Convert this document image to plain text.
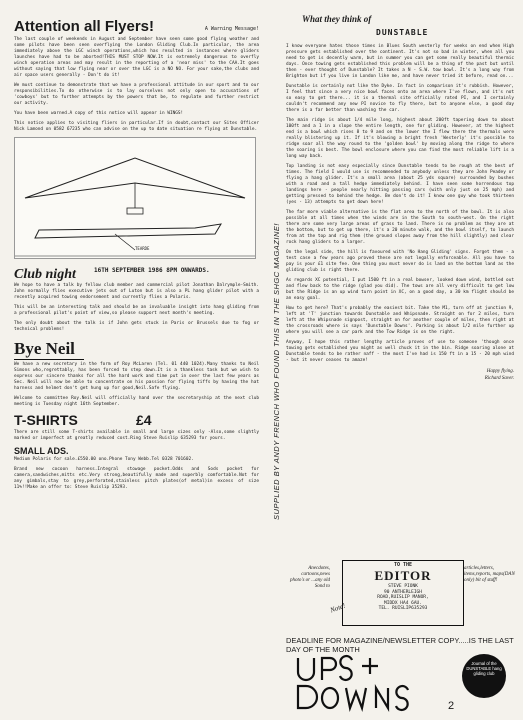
Attention all Flyers!	A Warning Message!

The last couple of weekends in August and September have seen some good flying weather and some pilots have been seen overflying the London Gliding Club.In particular, the area immediately above the LGC winch operations,which has resulted in instances where gliders launches have had to be aborted!THIS MUST STOP NOW.It is extremely dangerous to overfly winch operation areas and may result in the reporting of a 'near miss' to the CAA.It goes without saying that low flying near or over the LGC is a NO NO. For your sake,the clubs and air space users generally - Don't do it!

We must continue to demonstrate that we have a professional attitude in our sport and to our responsibilities.To do otherwise is to lay ourselves not only open to accusations of 'cowboys' but to further attempts by the powers that be, to regulate and further restrict our activity.

You have been warned.A copy of this notice will appear in WINGS!

This notice applies to visiting fliers in particular.If in doubt,contact our Sites Officer Nick Lamond on 0582 67235 who can advise on the up to date situation re flying at Dunstable.

TEARDE
Club night	16TH SEPTEMBER 1986 8PM ONWARDS.

We hope to have a talk by fellow club member and commercial pilot Jonathan Dalrymple-Smith. John normally flies executive jets out of Luton but is also a PL hang glider pilot with a recently acquired towing endorsement and currently flies a Polaris.

This will be an interesting talk and should be an invaluable insight into hang gliding from a professional pilot's point of view,so please support next month's meeting.

The only doubt about the talk is if John gets stuck in Paris or Brussels due to fog or technical problems!

Bye Neil

We have a new secretary in the form of Roy McLaren (Tel. 01 440 1024).Many thanks to Neil Simons who,regrettably, has been forced to step down.It is a thankless task but we wish to express our sincere thanks for all the hard work and time put in over the last few years as Sec. Neil will now be able to concentrate on his passion for flying tiffs by having the hat harness and helmet don't get hung up for good,Neil.Safe flying.

Welcome to committee Roy.Neil will officially hand over the secretaryship at the next club meeting is Tuesday night 16th September.

T-SHIRTS	£4

There are still some T-shirts available in small and large sizes only -Also,some slightly marked or imperfect at greatly reduced cost.Ring Steve Ruislip 635293 for yours.

SMALL ADS.

Medium Polaris for sale.£550.00 ono.Phone Tony Webb.Tel 0328 701602.

Brand new cocoon harness.Integral stowage pocket.Odds and Sods pocket for camera,sandwiches,mitts etc.Very strong,beautifully made and superbly comfortable.Not for any gimbals,stay to grey,perforated,stainless pitch plates(of metal)in excess of size 11%!!Make an offer to: Steve Ruislip 35293.	SUPPLIED BY ANDY FRENCH WHO FOUND THIS IN THE SHGC MAGAZINE!
What they think of
DUNSTABLE

I know everyone hates those times in Blues South westerly for weeks on end when High pressure gets established over the continent. It's not so bad in winter, when all you need to get is decently warm, but in summer you can get some really beautiful thermic days. Once towing gets established this problem will be a thing of the past but until then - ever thought of Dunstable? It takes a N - S.W. tow bowl. It's a long way from Brighton but if you live in London like me, and have never tried it before, read on...

Dunstable is certainly not like the Dyke. In fact in comparison it's rubbish. However, I feel that since a very nice bowl faces onto an area where I've flown, and it's not so easy to get there... it is a thermal site officially rated PI, and I certainly couldn't recommend any new PI novice to fly there, but to anyone else, a good day there is a far better than washing the car.

The main ridge is about 1/4 mile long, highest about 200ft tapering down to about 100ft and a 1 in a slope the entire length, one for gliding. However, at the highest end is a bowl which rises 8 to 9 and on the lower the I flew there the thermals were really blistering up it. If it's blowing a bright fresh 'Westerly' it's possible to ridge soar all the way round to the 'golden bowl' by moving along the ridge to where the soaring is best. The bowl enclosure where you can find the most reliable lift is a long way back.

Top landing is not easy especially since Dunstable tends to be rough at the best of times. The field I would use is recommended to anybody unless they are John Peadey or flying a hang glider. It's a small area (about 25 yds square) surrounded by bushes with a road and a tall hedge immediately behind. I have seen some horrendous top landings here - people nearly hitting passing cars (with only just on 25 mph) and getting pressed to behind the hedge. Be don't do it! I know one guy who took thirteen (yes - 13) attempts to get down here!

The far more viable alternative is the flat area to the north of the bowl. It is also possible at all times when the winds are in the South to south-west. On the right there are some very large areas of grass to land. There is no problem as they are at the bottom, but to get up there, it's a 20 minute walk, and the bowl itself, to launch from at the top and rig them (the ground slopes away from the hill slightly) and clear rock hang gliders to a larger.

On the legal side, the hill is favoured with 'No Hang Gliding' signs. Forget them - a test case a few years ago proved these are not legally enforceable. All you have to pay is your £1 site fee. One thing you must never do is land on the bottom land as the gliding club is right there.

As regards XC potential, I put 1500 ft in a real bowser, looked down wind, bottled out and flew back to the ridge (glad you did). The tows are all very difficult to get low but the Ridge is an up wind turn point in XC, on a good day, a 30 km flight should be an easy goal.

How to get here? That's probably the easiest bit. Take the M1, turn off at junction 9, left at 'T' junction towards Dunstable and Whipsnade. Straight on for 2 miles, turn left at the Whipsnade signpost, straight on for another couple of miles, then right at the crossroads where is says 'Dunstable Downs'. Parking is about 1/2 mile further up where you will see a car park and the Tow Ridge is on the right.

Anyway, I hope this rather lengthy article proves of use to someone 'though once towing gets established you might as well chuck it in the bin. Ridge soaring alone at Dunstable tends to be rather naff - the most I've had is 150 ft in a 15 - 20 mph wind - but it never ceases to amaze!

Happy flying.
Richard Saver.
Anecdotes, cartoons,news photo's or ...any old Sond to
TO THE
EDITOR
STEVE PIONK
90 ANTHERLEIGH
ROAD,RUISLIP MANOR,
MIDDX HA4 6AU.
TEL. RUISLIP635293
articles,letters, items,reports, maps(DAN only) bit of stuff!
Note!
DEADLINE FOR MAGAZINE/NEWSLETTER COPY.....IS THE LAST DAY OF THE MONTH
Journal of the DUNSTABLE hang gliding club
2
